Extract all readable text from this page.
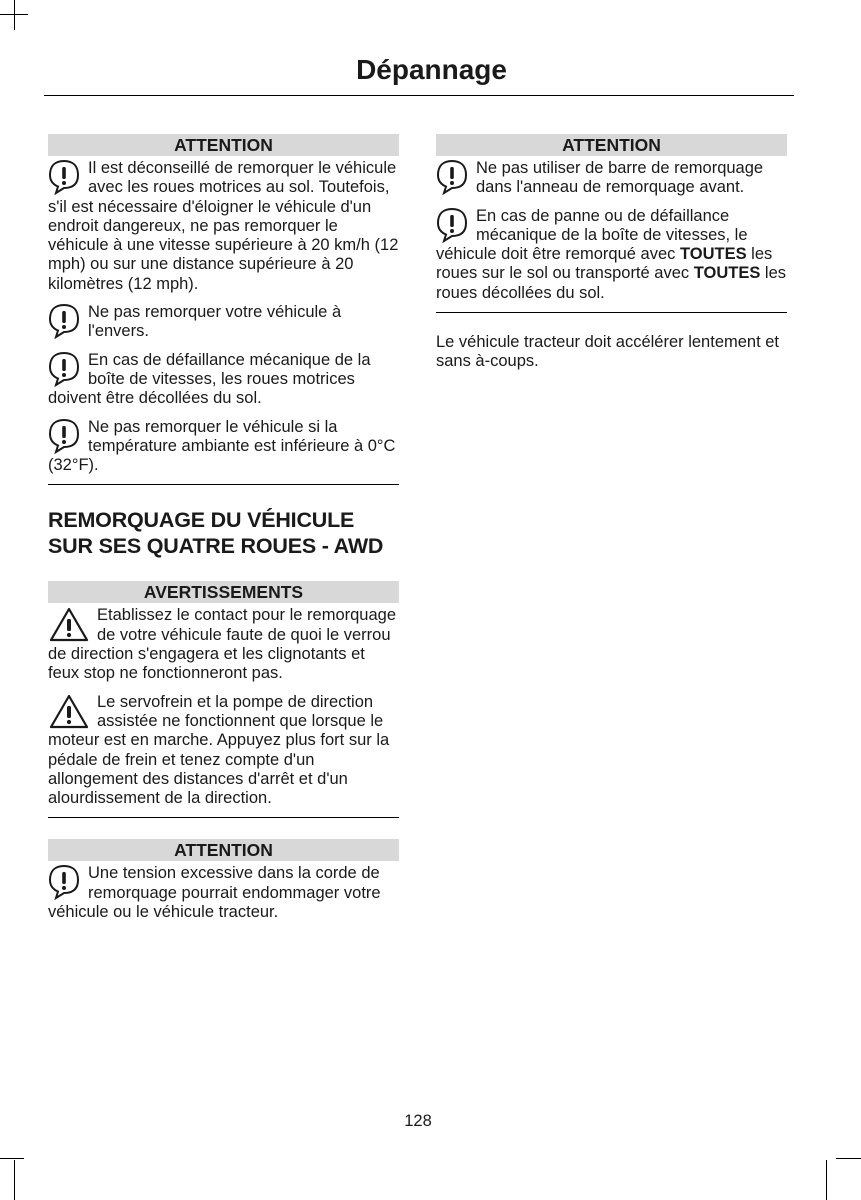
Dépannage
ATTENTION

Il est déconseillé de remorquer le véhicule avec les roues motrices au sol. Toutefois, s'il est nécessaire d'éloigner le véhicule d'un endroit dangereux, ne pas remorquer le véhicule à une vitesse supérieure à 20 km/h (12 mph) ou sur une distance supérieure à 20 kilomètres (12 mph).

Ne pas remorquer votre véhicule à l'envers.

En cas de défaillance mécanique de la boîte de vitesses, les roues motrices doivent être décollées du sol.

Ne pas remorquer le véhicule si la température ambiante est inférieure à 0°C (32°F).

REMORQUAGE DU VÉHICULE SUR SES QUATRE ROUES - AWD
AVERTISSEMENTS

Etablissez le contact pour le remorquage de votre véhicule faute de quoi le verrou de direction s'engagera et les clignotants et feux stop ne fonctionneront pas.

Le servofrein et la pompe de direction assistée ne fonctionnent que lorsque le moteur est en marche. Appuyez plus fort sur la pédale de frein et tenez compte d'un allongement des distances d'arrêt et d'un alourdissement de la direction.

ATTENTION

Une tension excessive dans la corde de remorquage pourrait endommager votre véhicule ou le véhicule tracteur.

ATTENTION

Ne pas utiliser de barre de remorquage dans l'anneau de remorquage avant.

En cas de panne ou de défaillance mécanique de la boîte de vitesses, le véhicule doit être remorqué avec TOUTES les roues sur le sol ou transporté avec TOUTES les roues décollées du sol.

Le véhicule tracteur doit accélérer lentement et sans à-coups.

128
